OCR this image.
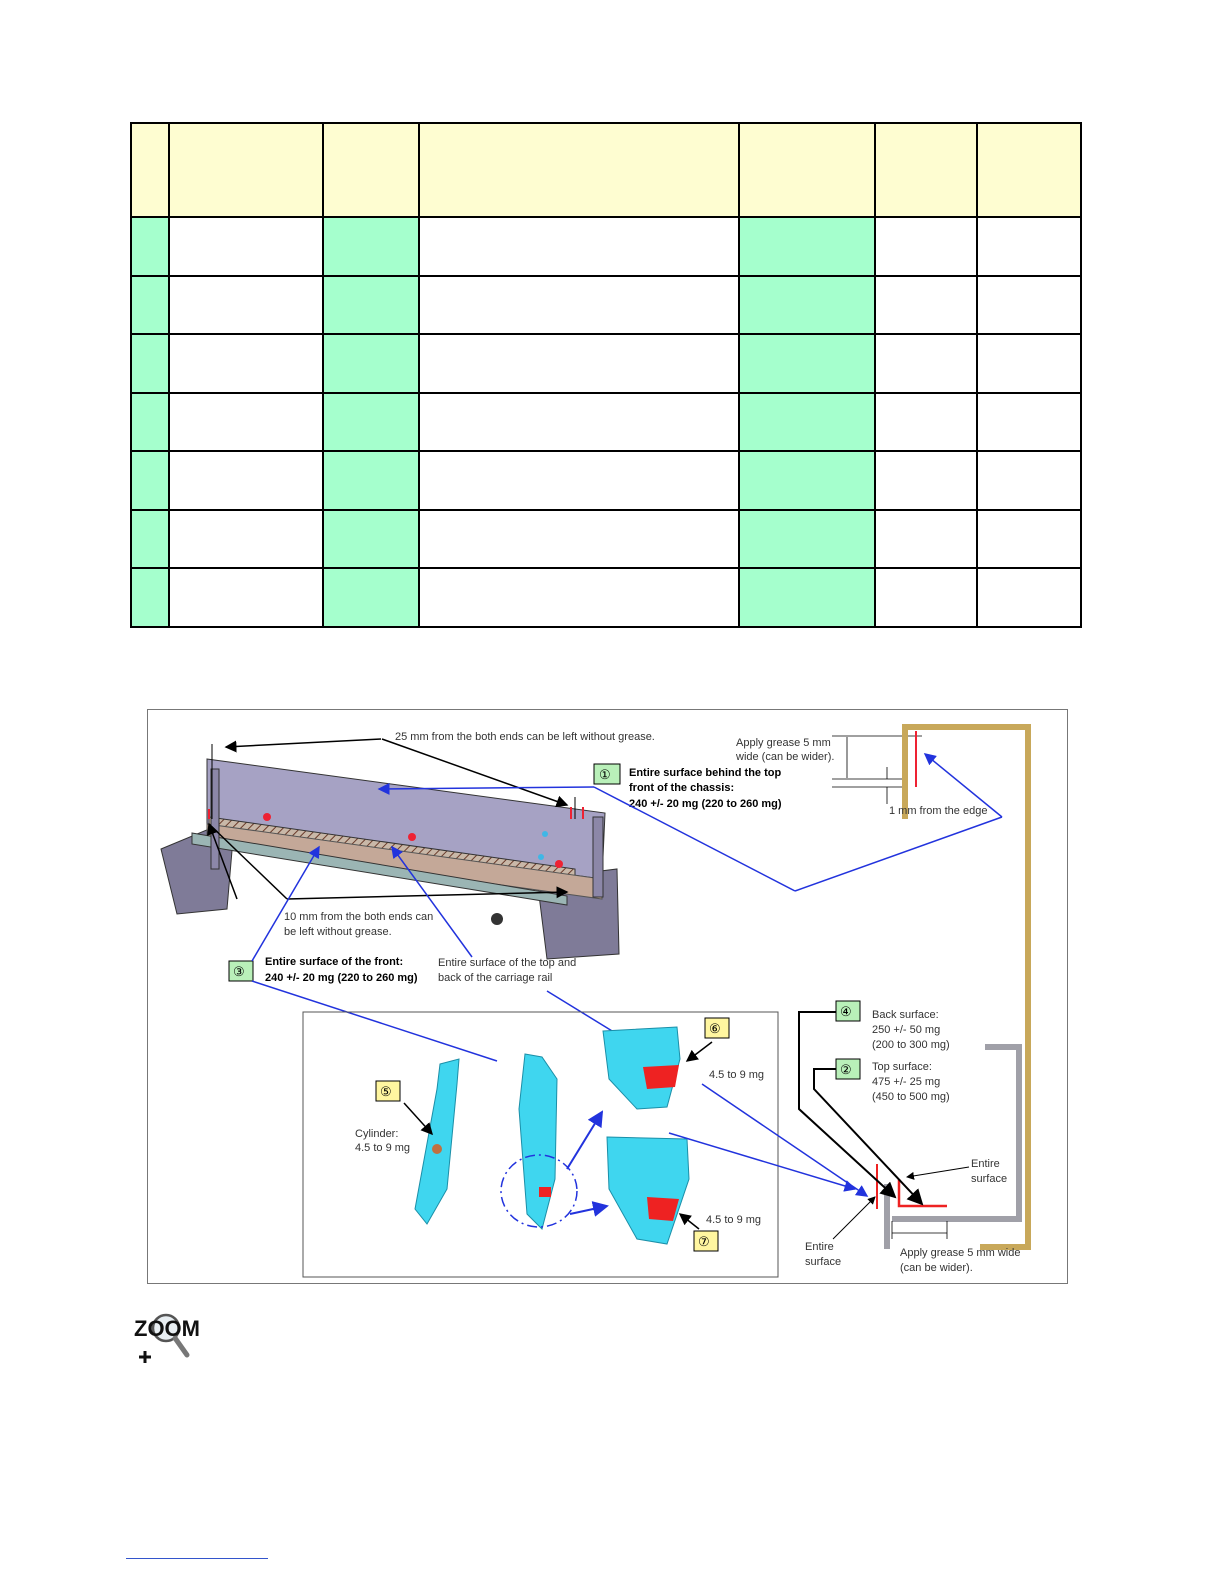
25 mm from the both ends can be left without grease.
① Entire surface behind the top
front of the chassis:
240 +/- 20 mg (220 to 260 mg)
Apply grease 5 mm
wide (can be wider).
1 mm from the edge
10 mm from the both ends can
be left without grease.
③
Entire surface of the front:
240 +/- 20 mg (220 to 260 mg)
Entire surface of the top and
back of the carriage rail
⑤
Cylinder:
4.5 to 9 mg
⑥
4.5 to 9 mg
⑦
4.5 to 9 mg
④ Back surface:
250 +/- 50 mg
(200 to 300 mg)
② Top surface:
475 +/- 25 mg
(450 to 500 mg)
Entire
surface
Entire
surface
Apply grease 5 mm wide
(can be wider).
ZOOM
